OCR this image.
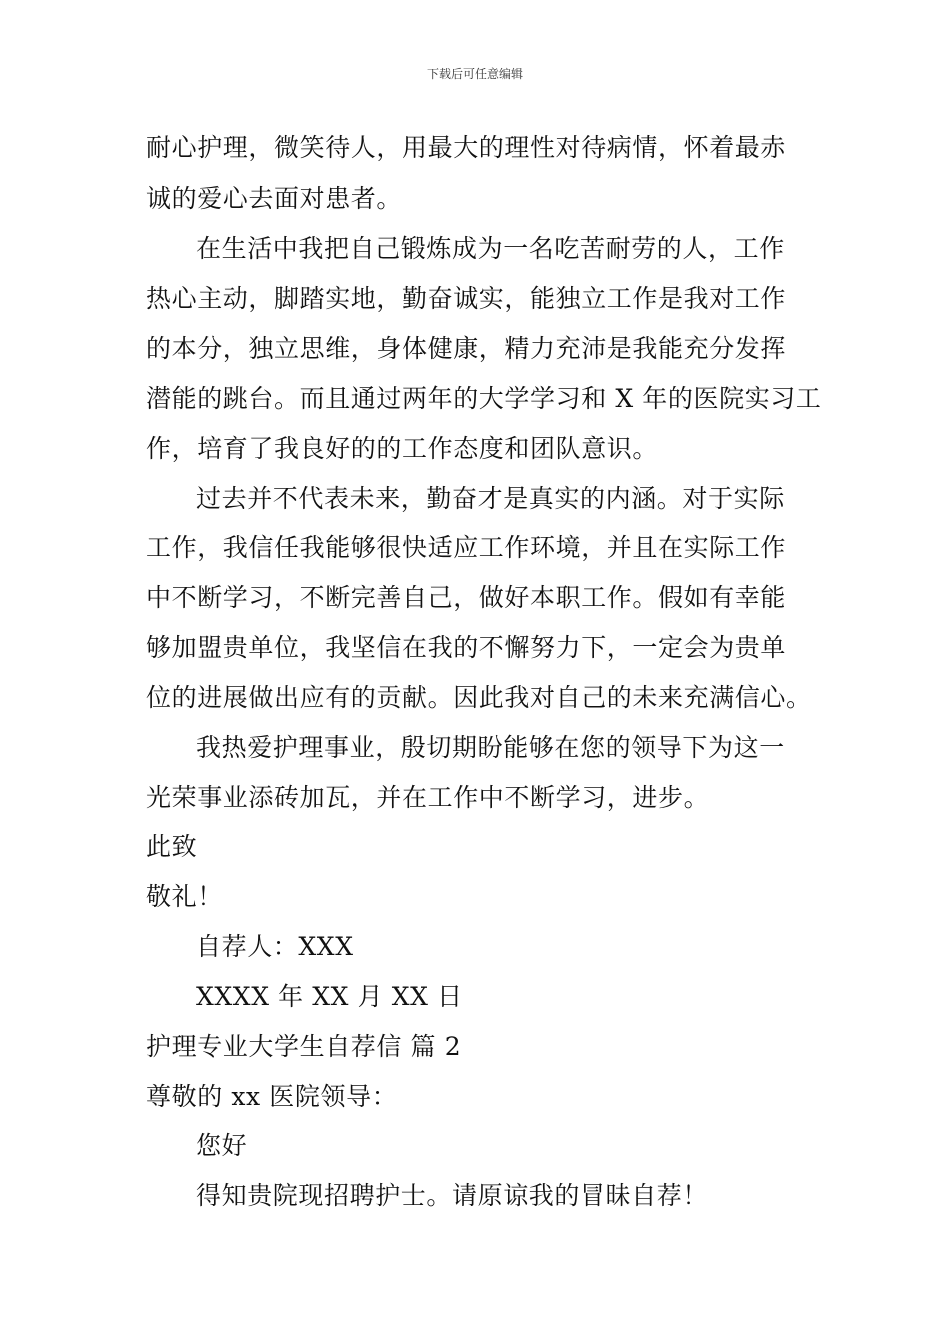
下载后可任意编辑
耐心护理，微笑待人，用最大的理性对待病情，怀着最赤
诚的爱心去面对患者。
在生活中我把自己锻炼成为一名吃苦耐劳的人，工作
热心主动，脚踏实地，勤奋诚实，能独立工作是我对工作
的本分，独立思维，身体健康，精力充沛是我能充分发挥
潜能的跳台。而且通过两年的大学学习和 X 年的医院实习工
作，培育了我良好的的工作态度和团队意识。
过去并不代表未来，勤奋才是真实的内涵。对于实际
工作，我信任我能够很快适应工作环境，并且在实际工作
中不断学习，不断完善自己，做好本职工作。假如有幸能
够加盟贵单位，我坚信在我的不懈努力下，一定会为贵单
位的进展做出应有的贡献。因此我对自己的未来充满信心。
我热爱护理事业，殷切期盼能够在您的领导下为这一
光荣事业添砖加瓦，并在工作中不断学习，进步。
此致
敬礼！
自荐人：XXX
XXXX 年 XX 月 XX 日
护理专业大学生自荐信 篇 2
尊敬的 xx 医院领导：
您好
得知贵院现招聘护士。请原谅我的冒昧自荐！
